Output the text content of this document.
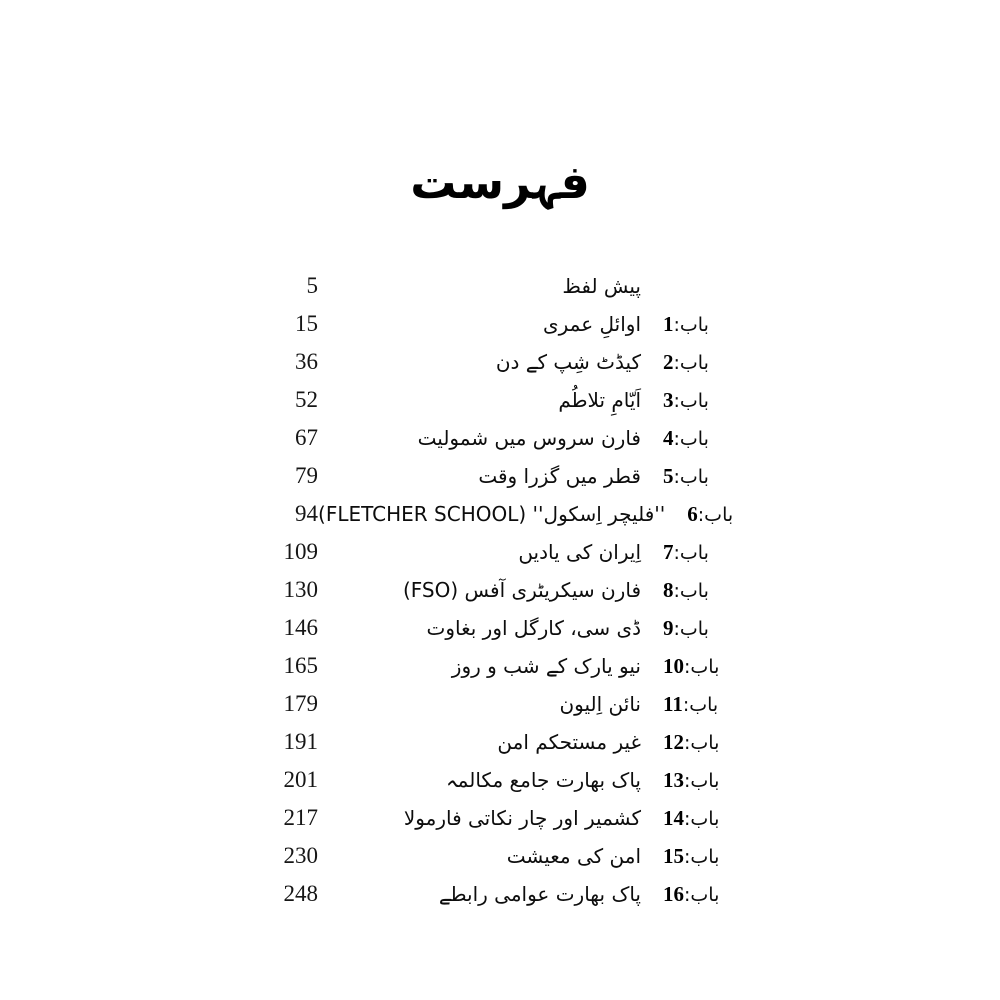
فہرست
5	پیش لفظ
15	اوائلِ عمری	باب:1
36	کیڈٹ شِپ کے دن	باب:2
52	اَیّامِ تلاطُم	باب:3
67	فارن سروس میں شمولیت	باب:4
79	قطر میں گزرا وقت	باب:5
94 ''فلیچر اِسکول'' (FLETCHER SCHOOL)	باب:6
109	اِیران کی یادیں	باب:7
130	فارن سیکریٹری آفس (FSO)	باب:8
146	ڈی سی، کارگل اور بغاوت	باب:9
165	نیو یارک کے شب و روز	باب:10
179	نائن اِلیون	باب:11
191	غیر مستحکم امن	باب:12
201	پاک بھارت جامع مکالمہ	باب:13
217	کشمیر اور چار نکاتی فارمولا	باب:14
230	امن کی معیشت	باب:15
248	پاک بھارت عوامی رابطے	باب:16
